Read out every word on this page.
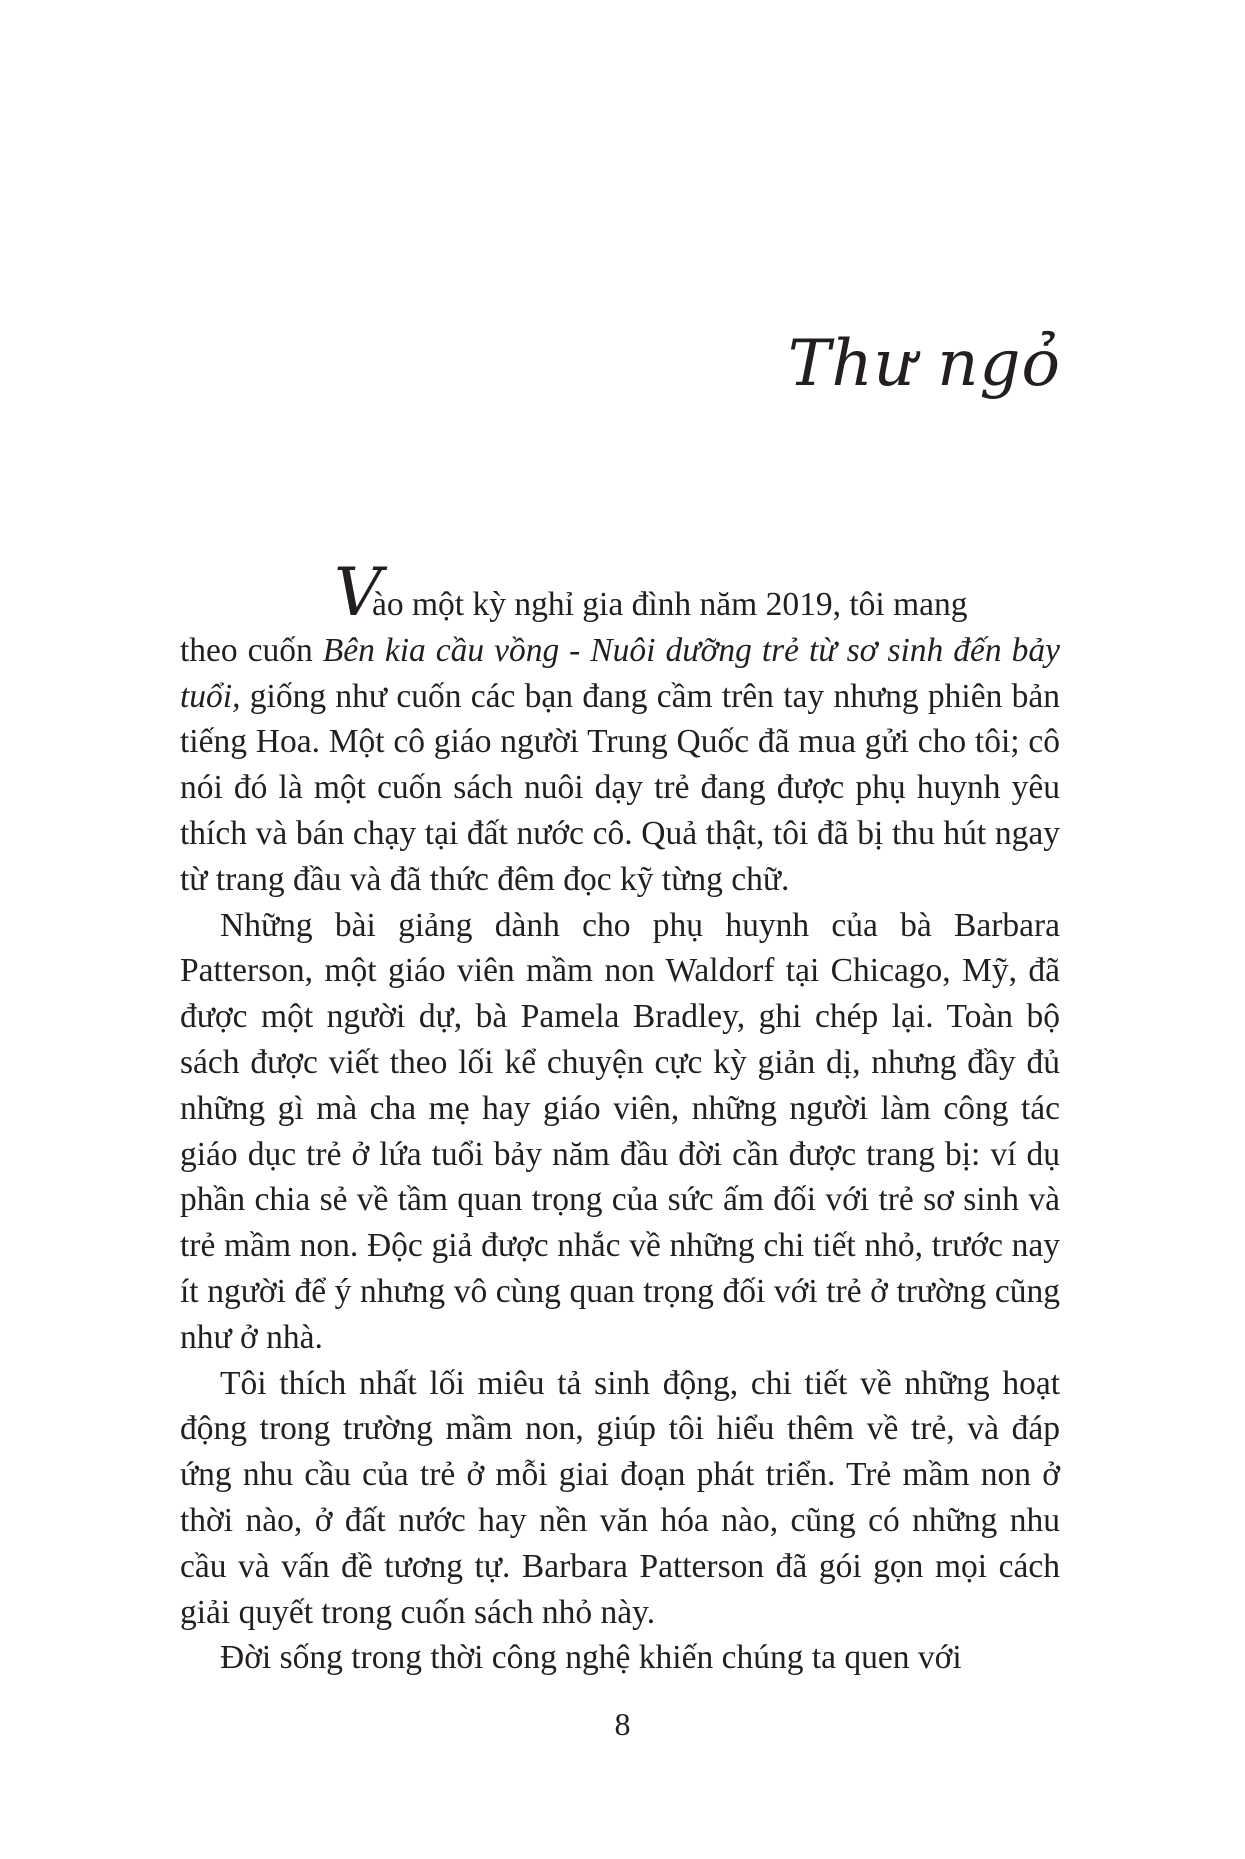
Thư ngỏ

V
ào một kỳ nghỉ gia đình năm 2019, tôi mang
theo cuốn Bên kia cầu vồng - Nuôi dưỡng trẻ từ sơ sinh đến bảy tuổi, giống như cuốn các bạn đang cầm trên tay nhưng phiên bản tiếng Hoa. Một cô giáo người Trung Quốc đã mua gửi cho tôi; cô nói đó là một cuốn sách nuôi dạy trẻ đang được phụ huynh yêu thích và bán chạy tại đất nước cô. Quả thật, tôi đã bị thu hút ngay từ trang đầu và đã thức đêm đọc kỹ từng chữ.

Những bài giảng dành cho phụ huynh của bà Barbara Patterson, một giáo viên mầm non Waldorf tại Chicago, Mỹ, đã được một người dự, bà Pamela Bradley, ghi chép lại. Toàn bộ sách được viết theo lối kể chuyện cực kỳ giản dị, nhưng đầy đủ những gì mà cha mẹ hay giáo viên, những người làm công tác giáo dục trẻ ở lứa tuổi bảy năm đầu đời cần được trang bị: ví dụ phần chia sẻ về tầm quan trọng của sức ấm đối với trẻ sơ sinh và trẻ mầm non. Độc giả được nhắc về những chi tiết nhỏ, trước nay ít người để ý nhưng vô cùng quan trọng đối với trẻ ở trường cũng như ở nhà.

Tôi thích nhất lối miêu tả sinh động, chi tiết về những hoạt động trong trường mầm non, giúp tôi hiểu thêm về trẻ, và đáp ứng nhu cầu của trẻ ở mỗi giai đoạn phát triển. Trẻ mầm non ở thời nào, ở đất nước hay nền văn hóa nào, cũng có những nhu cầu và vấn đề tương tự. Barbara Patterson đã gói gọn mọi cách giải quyết trong cuốn sách nhỏ này.

Đời sống trong thời công nghệ khiến chúng ta quen với

8
